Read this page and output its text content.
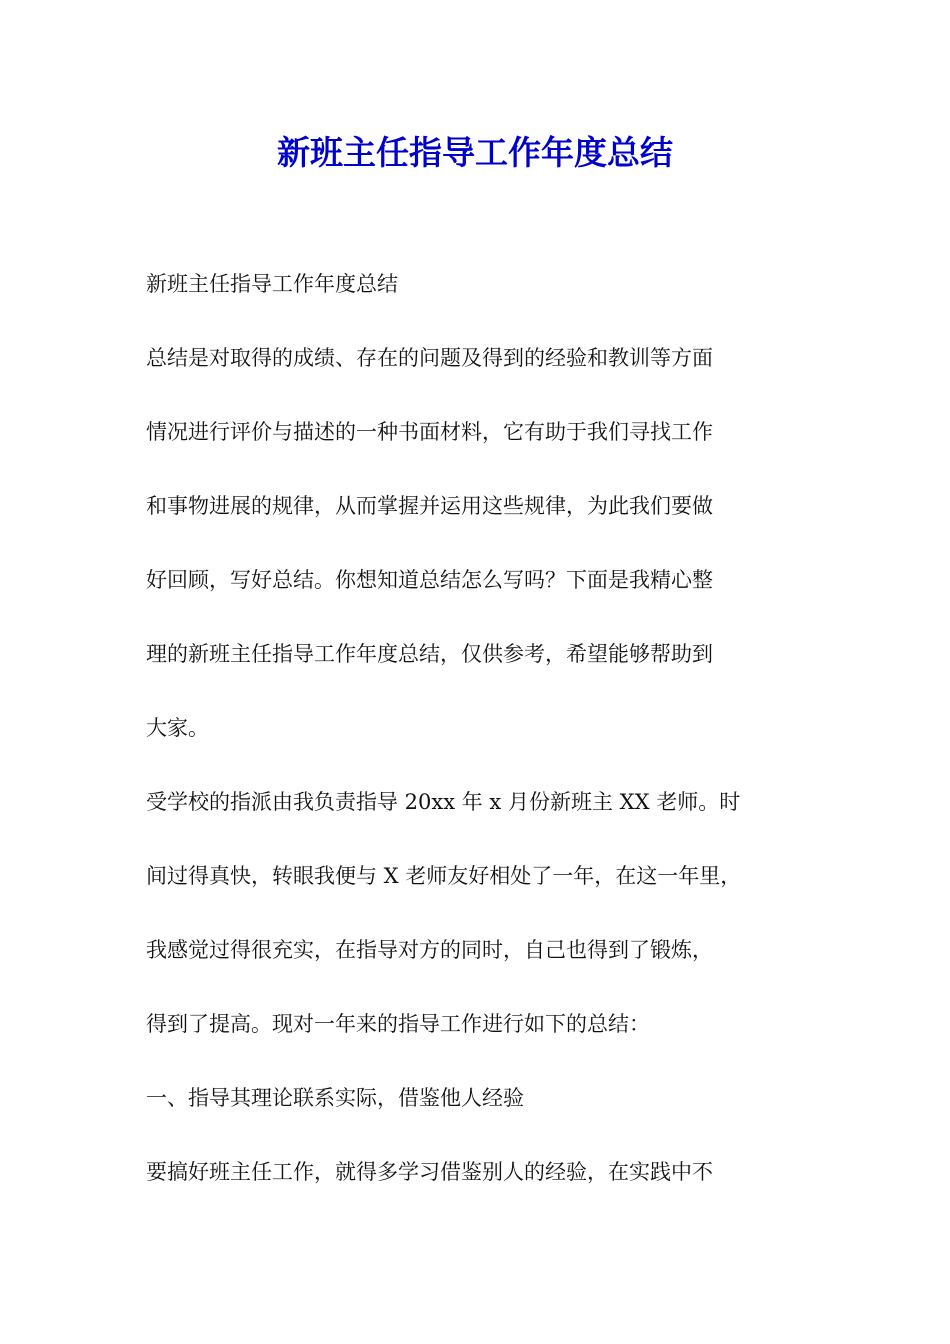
新班主任指导工作年度总结
新班主任指导工作年度总结
总结是对取得的成绩、存在的问题及得到的经验和教训等方面
情况进行评价与描述的一种书面材料，它有助于我们寻找工作
和事物进展的规律，从而掌握并运用这些规律，为此我们要做
好回顾，写好总结。你想知道总结怎么写吗？下面是我精心整
理的新班主任指导工作年度总结，仅供参考，希望能够帮助到
大家。
受学校的指派由我负责指导 20xx 年 x 月份新班主 XX 老师。时
间过得真快，转眼我便与 X 老师友好相处了一年，在这一年里，
我感觉过得很充实，在指导对方的同时，自己也得到了锻炼，
得到了提高。现对一年来的指导工作进行如下的总结：
一、指导其理论联系实际，借鉴他人经验
要搞好班主任工作，就得多学习借鉴别人的经验，在实践中不
